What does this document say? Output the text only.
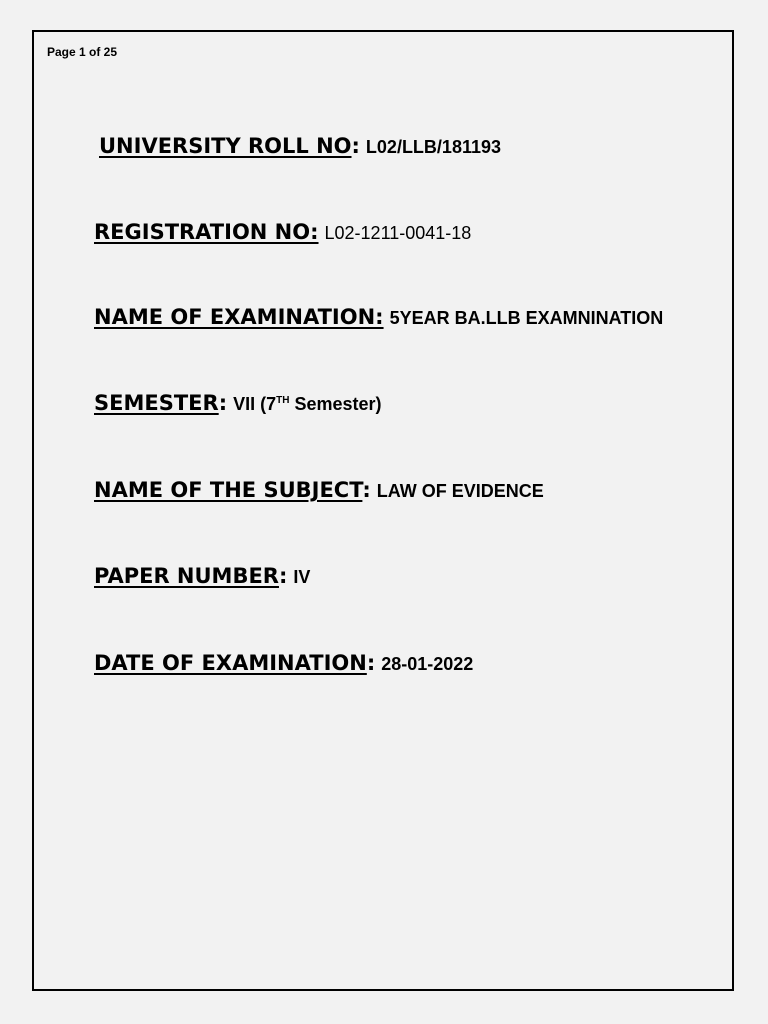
Page 1 of 25
UNIVERSITY ROLL NO: L02/LLB/181193
REGISTRATION NO: L02-1211-0041-18
NAME OF EXAMINATION: 5YEAR BA.LLB EXAMNINATION
SEMESTER: VII (7TH Semester)
NAME OF THE SUBJECT: LAW OF EVIDENCE
PAPER NUMBER: IV
DATE OF EXAMINATION: 28-01-2022
